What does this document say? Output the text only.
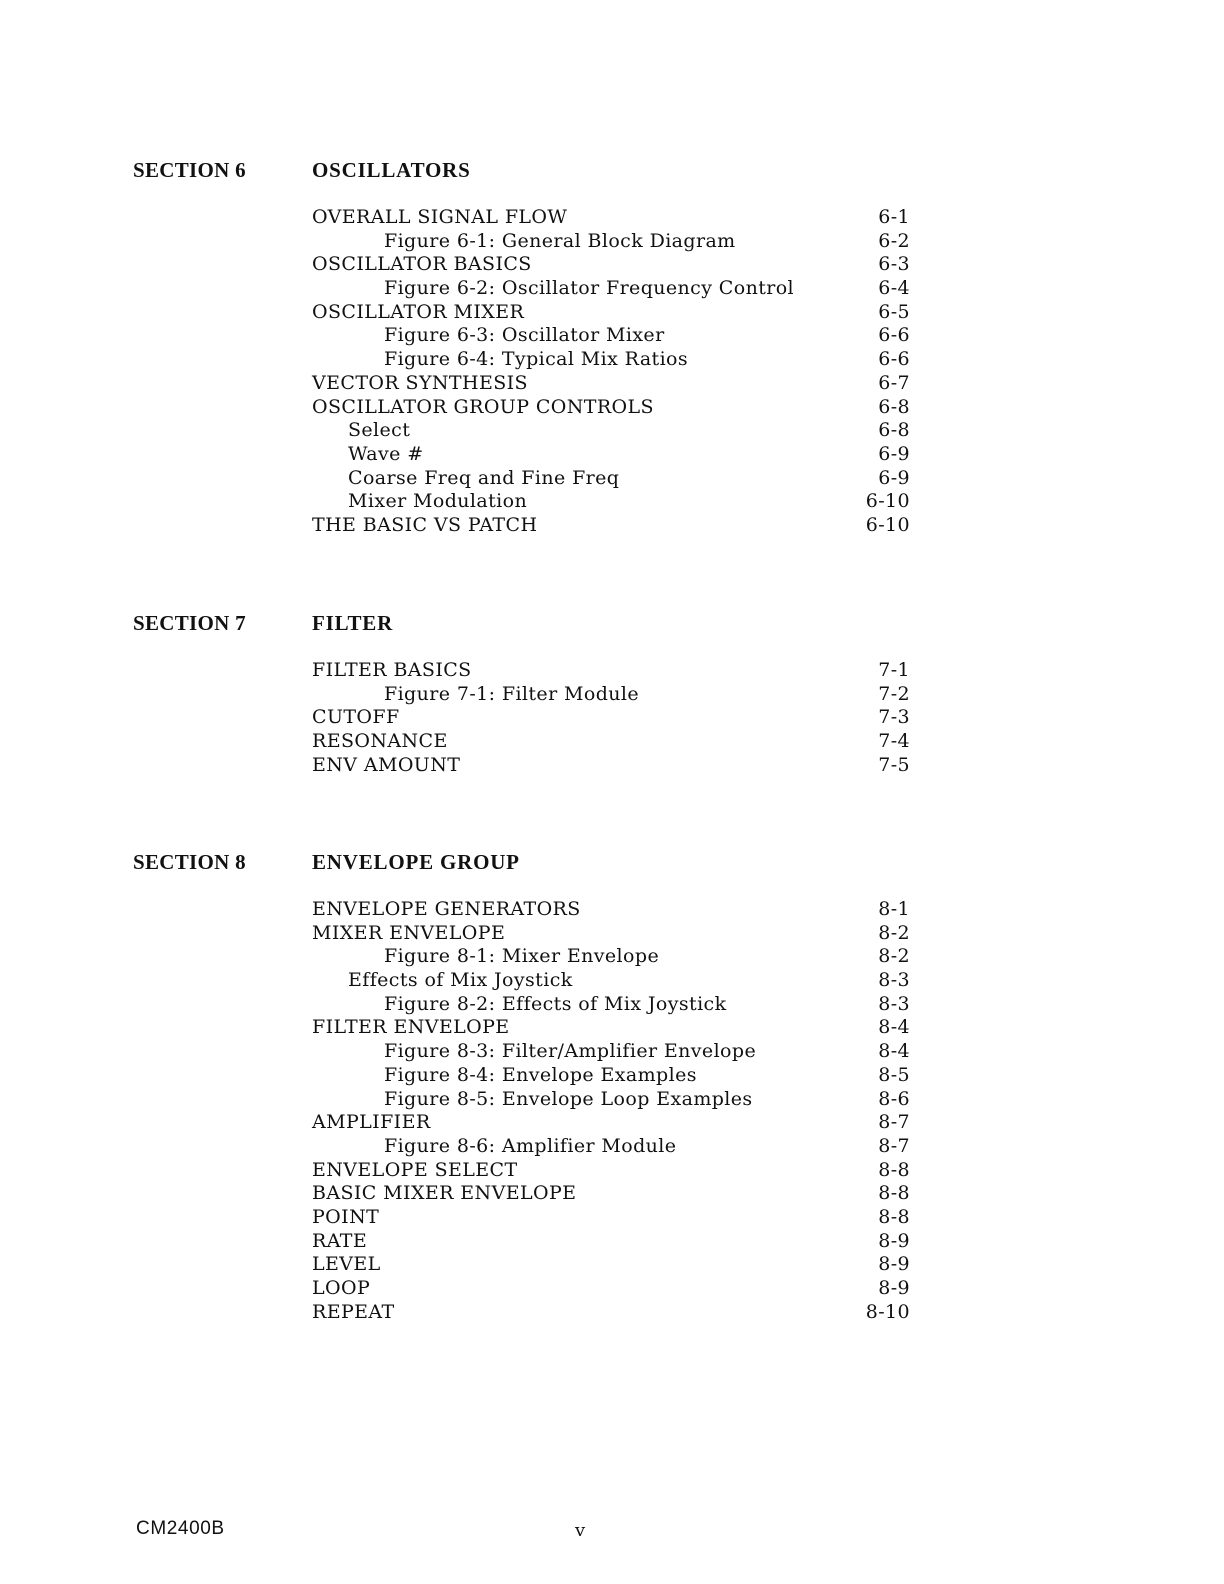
SECTION 6	OSCILLATORS
OVERALL SIGNAL FLOW	6-1
Figure 6-1: General Block Diagram	6-2
OSCILLATOR BASICS	6-3
Figure 6-2: Oscillator Frequency Control	6-4
OSCILLATOR MIXER	6-5
Figure 6-3: Oscillator Mixer	6-6
Figure 6-4: Typical Mix Ratios	6-6
VECTOR SYNTHESIS	6-7
OSCILLATOR GROUP CONTROLS	6-8
Select	6-8
Wave #	6-9
Coarse Freq and Fine Freq	6-9
Mixer Modulation	6-10
THE BASIC VS PATCH	6-10
SECTION 7	FILTER
FILTER BASICS	7-1
Figure 7-1: Filter Module	7-2
CUTOFF	7-3
RESONANCE	7-4
ENV AMOUNT	7-5
SECTION 8	ENVELOPE GROUP
ENVELOPE GENERATORS	8-1
MIXER ENVELOPE	8-2
Figure 8-1: Mixer Envelope	8-2
Effects of Mix Joystick	8-3
Figure 8-2: Effects of Mix Joystick	8-3
FILTER ENVELOPE	8-4
Figure 8-3: Filter/Amplifier Envelope	8-4
Figure 8-4: Envelope Examples	8-5
Figure 8-5: Envelope Loop Examples	8-6
AMPLIFIER	8-7
Figure 8-6: Amplifier Module	8-7
ENVELOPE SELECT	8-8
BASIC MIXER ENVELOPE	8-8
POINT	8-8
RATE	8-9
LEVEL	8-9
LOOP	8-9
REPEAT	8-10
CM2400B	v
